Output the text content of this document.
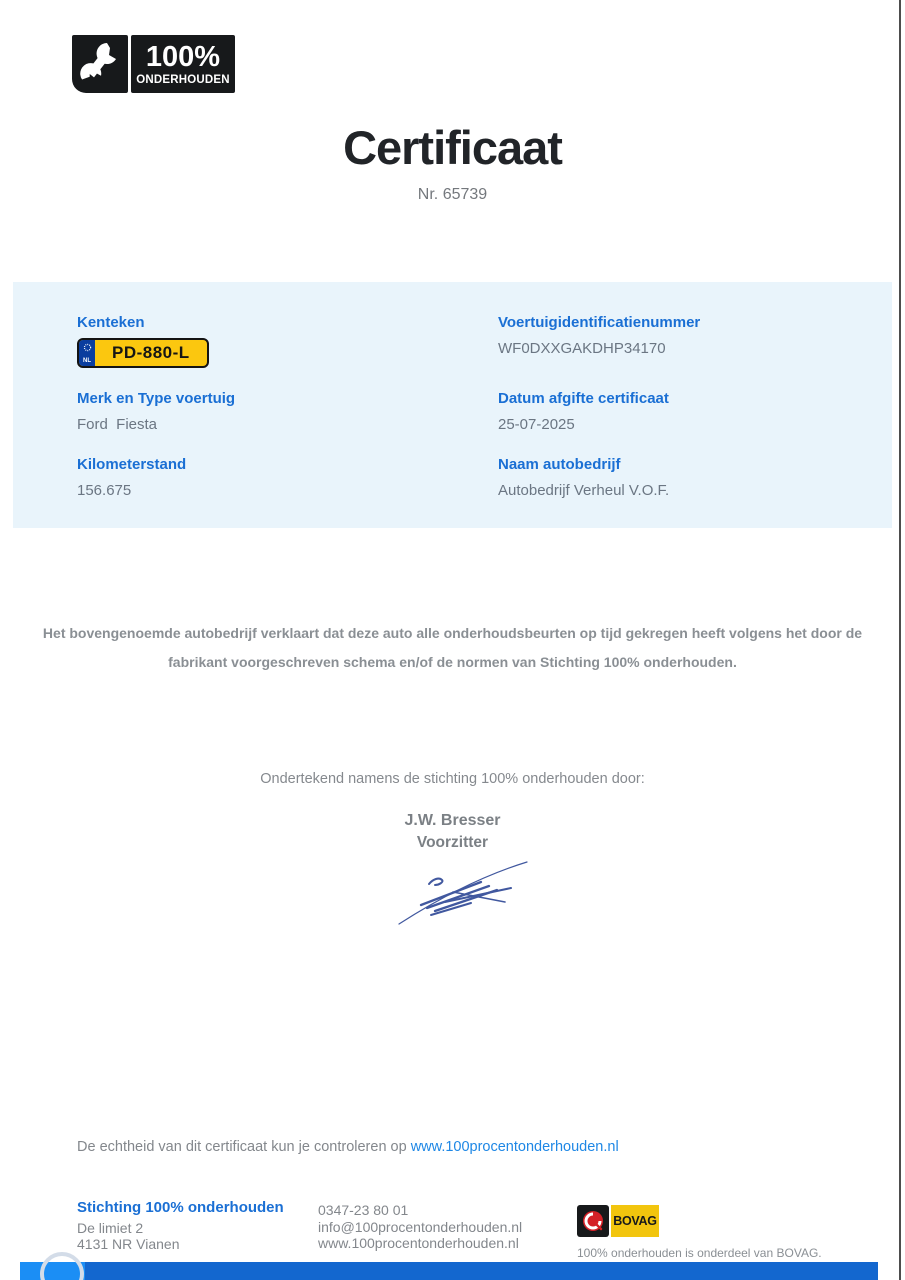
100%
ONDERHOUDEN
Certificaat
Nr. 65739
Kenteken
NL	PD-880-L
Voertuigidentificatienummer
WF0DXXGAKDHP34170
Merk en Type voertuig
Ford  Fiesta
Datum afgifte certificaat
25-07-2025
Kilometerstand
156.675
Naam autobedrijf
Autobedrijf Verheul V.O.F.
Het bovengenoemde autobedrijf verklaart dat deze auto alle onderhoudsbeurten op tijd gekregen heeft volgens het door de fabrikant voorgeschreven schema en/of de normen van Stichting 100% onderhouden.
Ondertekend namens de stichting 100% onderhouden door:
J.W. Bresser
Voorzitter
De echtheid van dit certificaat kun je controleren op www.100procentonderhouden.nl
Stichting 100% onderhouden
De limiet 2
4131 NR Vianen
0347-23 80 01
info@100procentonderhouden.nl
www.100procentonderhouden.nl
BOVAG
100% onderhouden is onderdeel van BOVAG.
